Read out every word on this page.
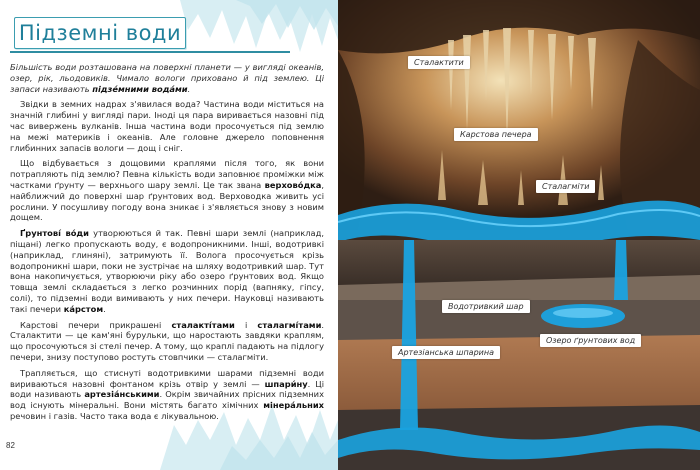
Підземні води

Більшість води розташована на поверхні планети — у вигляді океанів, озер, рік, льодовиків. Чимало вологи приховано й під землею. Ці запаси називають підзе́мними вода́ми.

Звідки в земних надрах з'явилася вода? Частина води міститься на значній глибині у вигляді пари. Іноді ця пара виривається назовні під час вивержень вулканів. Інша частина води просочується під землю на межі материків і океанів. Але головне джерело поповнення глибинних запасів вологи — дощ і сніг.

Що відбувається з дощовими краплями після того, як вони потрапляють під землю? Певна кількість води заповнює проміжки між частками ґрунту — верхнього шару землі. Це так звана верхово́дка, найближчий до поверхні шар ґрунтових вод. Верховодка живить усі рослини. У посушливу погоду вона зникає і з'являється знову з новим дощем.

Ґрунтові́ во́ди утворюються й так. Певні шари землі (наприклад, піщані) легко пропускають воду, є водопроникними. Інші, водотривкі (наприклад, глиняні), затримують її. Волога просочується крізь водопроникні шари, поки не зустрічає на шляху водотривкий шар. Тут вона накопичується, утворюючи ріку або озеро ґрунтових вод. Якщо товща землі складається з легко розчинних порід (вапняку, гіпсу, солі), то підземні води вимивають у них печери. Науковці називають такі печери ка́рстом.

Карстові печери прикрашені сталакті́тами і сталагмі́тами. Сталактити — це кам'яні бурульки, що наростають завдяки краплям, що просочуються зі стелі печер. А тому, що краплі падають на підлогу печери, знизу поступово ростуть стовпчики — сталагміти.

Трапляється, що стиснуті водотривкими шарами підземні води вириваються назовні фонтаном крізь отвір у землі — шпари́ну. Ці води називають артезіа́нськими. Окрім звичайних прісних підземних вод існують мінеральні. Вони містять багато хімічних мінера́льних речовин і газів. Часто така вода є лікувальною.

82
Сталактити
Карстова печера
Сталагміти
Водотривкий шар
Озеро ґрунтових вод
Артезіанська шпарина
